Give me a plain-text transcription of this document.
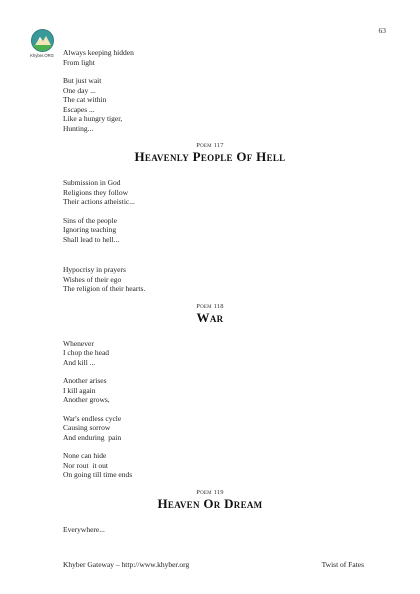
63
Khyber.ORG	Always keeping hidden
From light
But just wait
One day ...
The cat within
Escapes ...
Like a hungry tiger,
Hunting...
Poem 117
Heavenly People Of Hell
Submission in God
Religions they follow
Their actions atheistic...
Sins of the people
Ignoring teaching
Shall lead to hell...
Hypocrisy in prayers
Wishes of their ego
The religion of their hearts.
Poem 118
War
Whenever
I chop the head
And kill ...
Another arises
I kill again
Another grows,
War's endless cycle
Causing sorrow
And enduring  pain
None can hide
Nor rout  it out
On going till time ends
Poem 119
Heaven Or Dream
Everywhere...
Khyber Gateway – http://www.khyber.org	Twist of Fates
